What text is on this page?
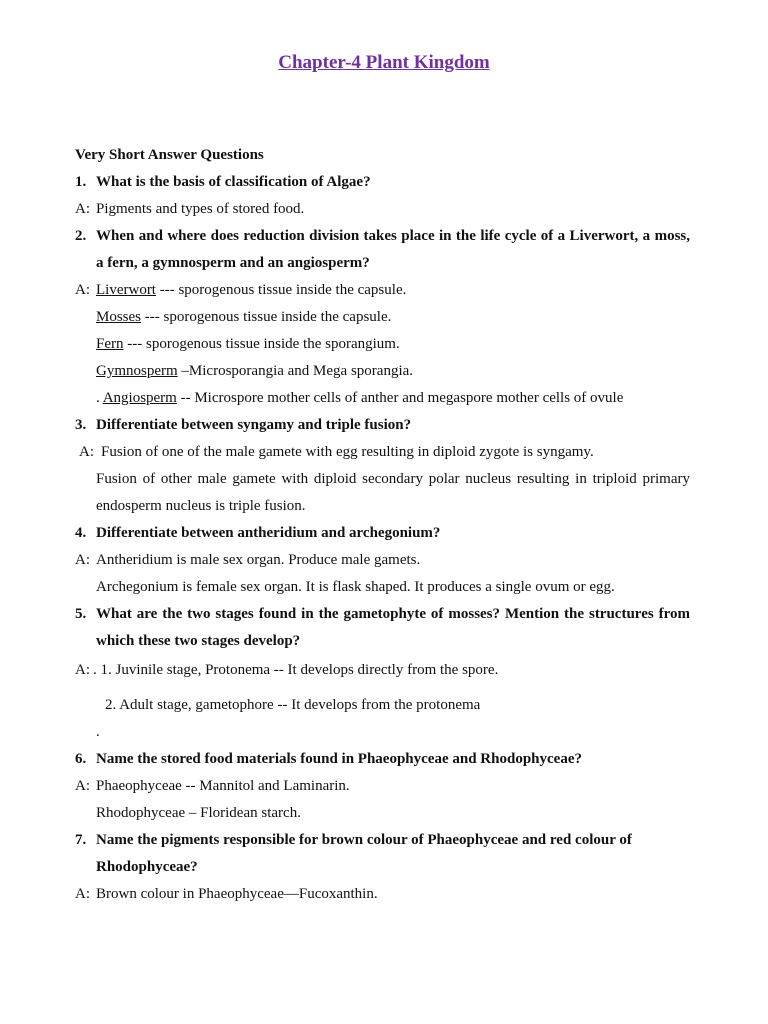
Chapter-4 Plant Kingdom
Very Short Answer Questions
1. What is the basis of classification of Algae?
A: Pigments and types of stored food.
2. When and where does reduction division takes place in the life cycle of a Liverwort, a moss, a fern, a gymnosperm and an angiosperm?
A: Liverwort --- sporogenous tissue inside the capsule.
Mosses --- sporogenous tissue inside the capsule.
Fern --- sporogenous tissue inside the sporangium.
Gymnosperm –Microsporangia and Mega sporangia.
. Angiosperm -- Microspore mother cells of anther and megaspore mother cells of ovule
3. Differentiate between syngamy and triple fusion?
A: Fusion of one of the male gamete with egg resulting in diploid zygote is syngamy.
Fusion of other male gamete with diploid secondary polar nucleus resulting in triploid primary endosperm nucleus is triple fusion.
4. Differentiate between antheridium and archegonium?
A: Antheridium is male sex organ. Produce male gamets.
Archegonium is female sex organ. It is flask shaped. It produces a single ovum or egg.
5. What are the two stages found in the gametophyte of mosses? Mention the structures from which these two stages develop?
A: . 1. Juvinile stage, Protonema -- It develops directly from the spore.
2. Adult stage, gametophore -- It develops from the protonema
.
6. Name the stored food materials found in Phaeophyceae and Rhodophyceae?
A: Phaeophyceae -- Mannitol and Laminarin.
Rhodophyceae – Floridean starch.
7. Name the pigments responsible for brown colour of Phaeophyceae and red colour of Rhodophyceae?
A: Brown colour in Phaeophyceae—Fucoxanthin.
